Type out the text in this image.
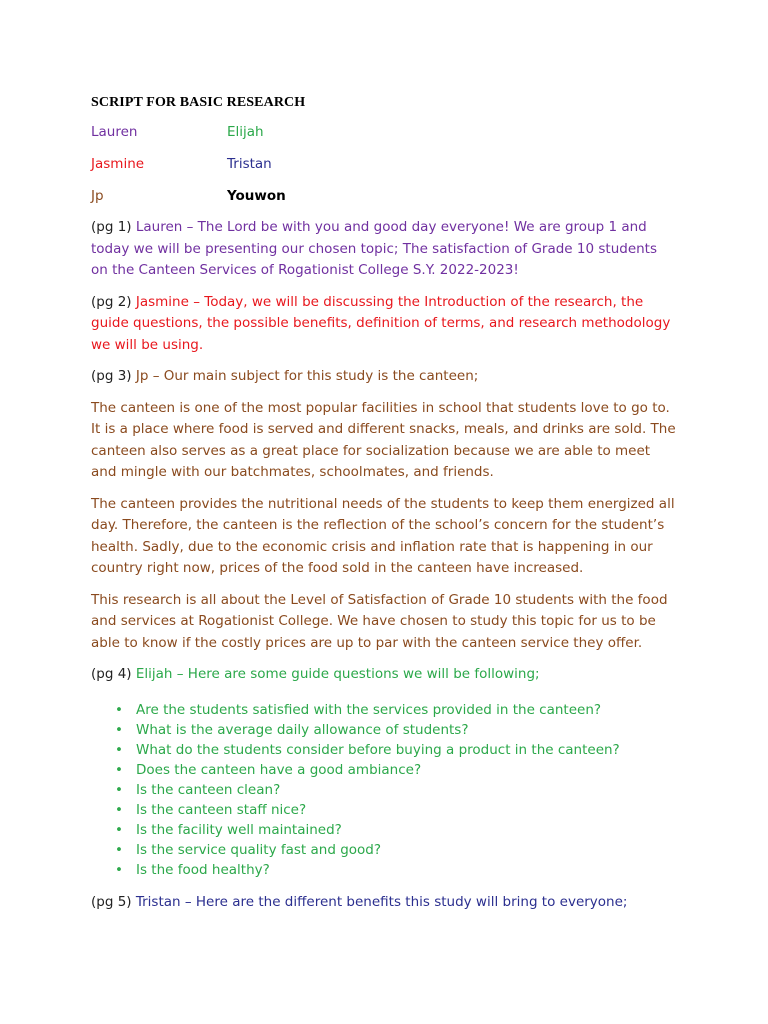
SCRIPT FOR BASIC RESEARCH
Lauren	Elijah
Jasmine	Tristan
Jp	Youwon

(pg 1) Lauren – The Lord be with you and good day everyone! We are group 1 and today we will be presenting our chosen topic; The satisfaction of Grade 10 students on the Canteen Services of Rogationist College S.Y. 2022-2023!

(pg 2) Jasmine – Today, we will be discussing the Introduction of the research, the guide questions, the possible benefits, definition of terms, and research methodology we will be using.

(pg 3) Jp – Our main subject for this study is the canteen;

The canteen is one of the most popular facilities in school that students love to go to. It is a place where food is served and different snacks, meals, and drinks are sold. The canteen also serves as a great place for socialization because we are able to meet and mingle with our batchmates, schoolmates, and friends.

The canteen provides the nutritional needs of the students to keep them energized all day. Therefore, the canteen is the reflection of the school’s concern for the student’s health. Sadly, due to the economic crisis and inflation rate that is happening in our country right now, prices of the food sold in the canteen have increased.

This research is all about the Level of Satisfaction of Grade 10 students with the food and services at Rogationist College. We have chosen to study this topic for us to be able to know if the costly prices are up to par with the canteen service they offer.

(pg 4) Elijah – Here are some guide questions we will be following;

• Are the students satisfied with the services provided in the canteen?
• What is the average daily allowance of students?
• What do the students consider before buying a product in the canteen?
• Does the canteen have a good ambiance?
• Is the canteen clean?
• Is the canteen staff nice?
• Is the facility well maintained?
• Is the service quality fast and good?
• Is the food healthy?

(pg 5) Tristan – Here are the different benefits this study will bring to everyone;
